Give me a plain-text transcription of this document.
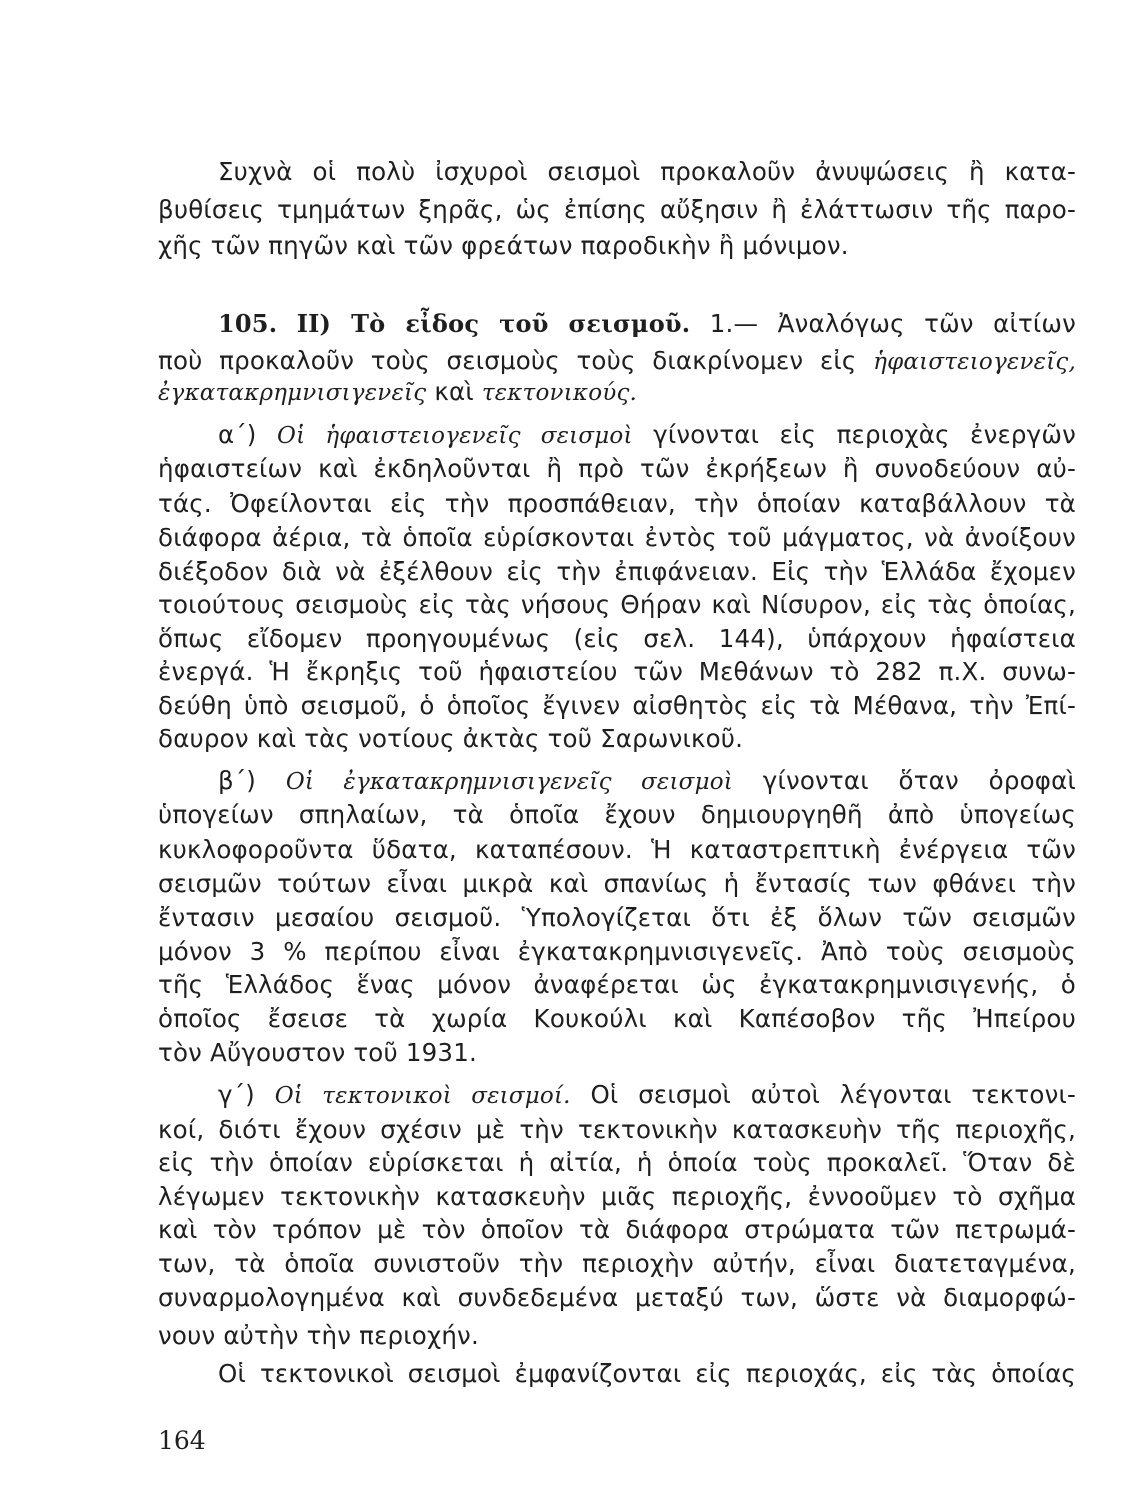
Συχνὰ οἱ πολὺ ἰσχυροὶ σεισμοὶ προκαλοῦν ἀνυψώσεις ἢ κατα-
βυθίσεις τμημάτων ξηρᾶς, ὡς ἐπίσης αὔξησιν ἢ ἐλάττωσιν τῆς παρο-
χῆς τῶν πηγῶν καὶ τῶν φρεάτων παροδικὴν ἢ μόνιμον.
105. II) Τὸ εἶδος τοῦ σεισμοῦ. 1.— Ἀναλόγως τῶν αἰτίων
ποὺ προκαλοῦν τοὺς σεισμοὺς τοὺς διακρίνομεν εἰς ἡφαιστειογενεῖς,
ἐγκατακρημνισιγενεῖς καὶ τεκτονικούς.
α΄) Οἱ ἡφαιστειογενεῖς σεισμοὶ γίνονται εἰς περιοχὰς ἐνεργῶν
ἡφαιστείων καὶ ἐκδηλοῦνται ἢ πρὸ τῶν ἐκρήξεων ἢ συνοδεύουν αὐ-
τάς. Ὀφείλονται εἰς τὴν προσπάθειαν, τὴν ὁποίαν καταβάλλουν τὰ
διάφορα ἀέρια, τὰ ὁποῖα εὑρίσκονται ἐντὸς τοῦ μάγματος, νὰ ἀνοίξουν
διέξοδον διὰ νὰ ἐξέλθουν εἰς τὴν ἐπιφάνειαν. Εἰς τὴν Ἑλλάδα ἔχομεν
τοιούτους σεισμοὺς εἰς τὰς νήσους Θήραν καὶ Νίσυρον, εἰς τὰς ὁποίας,
ὅπως εἴδομεν προηγουμένως (εἰς σελ. 144), ὑπάρχουν ἡφαίστεια
ἐνεργά. Ἡ ἔκρηξις τοῦ ἡφαιστείου τῶν Μεθάνων τὸ 282 π.Χ. συνω-
δεύθη ὑπὸ σεισμοῦ, ὁ ὁποῖος ἔγινεν αἰσθητὸς εἰς τὰ Μέθανα, τὴν Ἐπί-
δαυρον καὶ τὰς νοτίους ἀκτὰς τοῦ Σαρωνικοῦ.
β΄) Οἱ ἐγκατακρημνισιγενεῖς σεισμοὶ γίνονται ὅταν ὀροφαὶ
ὑπογείων σπηλαίων, τὰ ὁποῖα ἔχουν δημιουργηθῆ ἀπὸ ὑπογείως
κυκλοφοροῦντα ὕδατα, καταπέσουν. Ἡ καταστρεπτικὴ ἐνέργεια τῶν
σεισμῶν τούτων εἶναι μικρὰ καὶ σπανίως ἡ ἔντασίς των φθάνει τὴν
ἔντασιν μεσαίου σεισμοῦ. Ὑπολογίζεται ὅτι ἐξ ὅλων τῶν σεισμῶν
μόνον 3 % περίπου εἶναι ἐγκατακρημνισιγενεῖς. Ἀπὸ τοὺς σεισμοὺς
τῆς Ἑλλάδος ἕνας μόνον ἀναφέρεται ὡς ἐγκατακρημνισιγενής, ὁ
ὁποῖος ἔσεισε τὰ χωρία Κουκούλι καὶ Καπέσοβον τῆς Ἠπείρου
τὸν Αὔγουστον τοῦ 1931.
γ΄) Οἱ τεκτονικοὶ σεισμοί. Οἱ σεισμοὶ αὐτοὶ λέγονται τεκτονι-
κοί, διότι ἔχουν σχέσιν μὲ τὴν τεκτονικὴν κατασκευὴν τῆς περιοχῆς,
εἰς τὴν ὁποίαν εὑρίσκεται ἡ αἰτία, ἡ ὁποία τοὺς προκαλεῖ. Ὅταν δὲ
λέγωμεν τεκτονικὴν κατασκευὴν μιᾶς περιοχῆς, ἐννοοῦμεν τὸ σχῆμα
καὶ τὸν τρόπον μὲ τὸν ὁποῖον τὰ διάφορα στρώματα τῶν πετρωμά-
των, τὰ ὁποῖα συνιστοῦν τὴν περιοχὴν αὐτήν, εἶναι διατεταγμένα,
συναρμολογημένα καὶ συνδεδεμένα μεταξύ των, ὥστε νὰ διαμορφώ-
νουν αὐτὴν τὴν περιοχήν.
Οἱ τεκτονικοὶ σεισμοὶ ἐμφανίζονται εἰς περιοχάς, εἰς τὰς ὁποίας
164
